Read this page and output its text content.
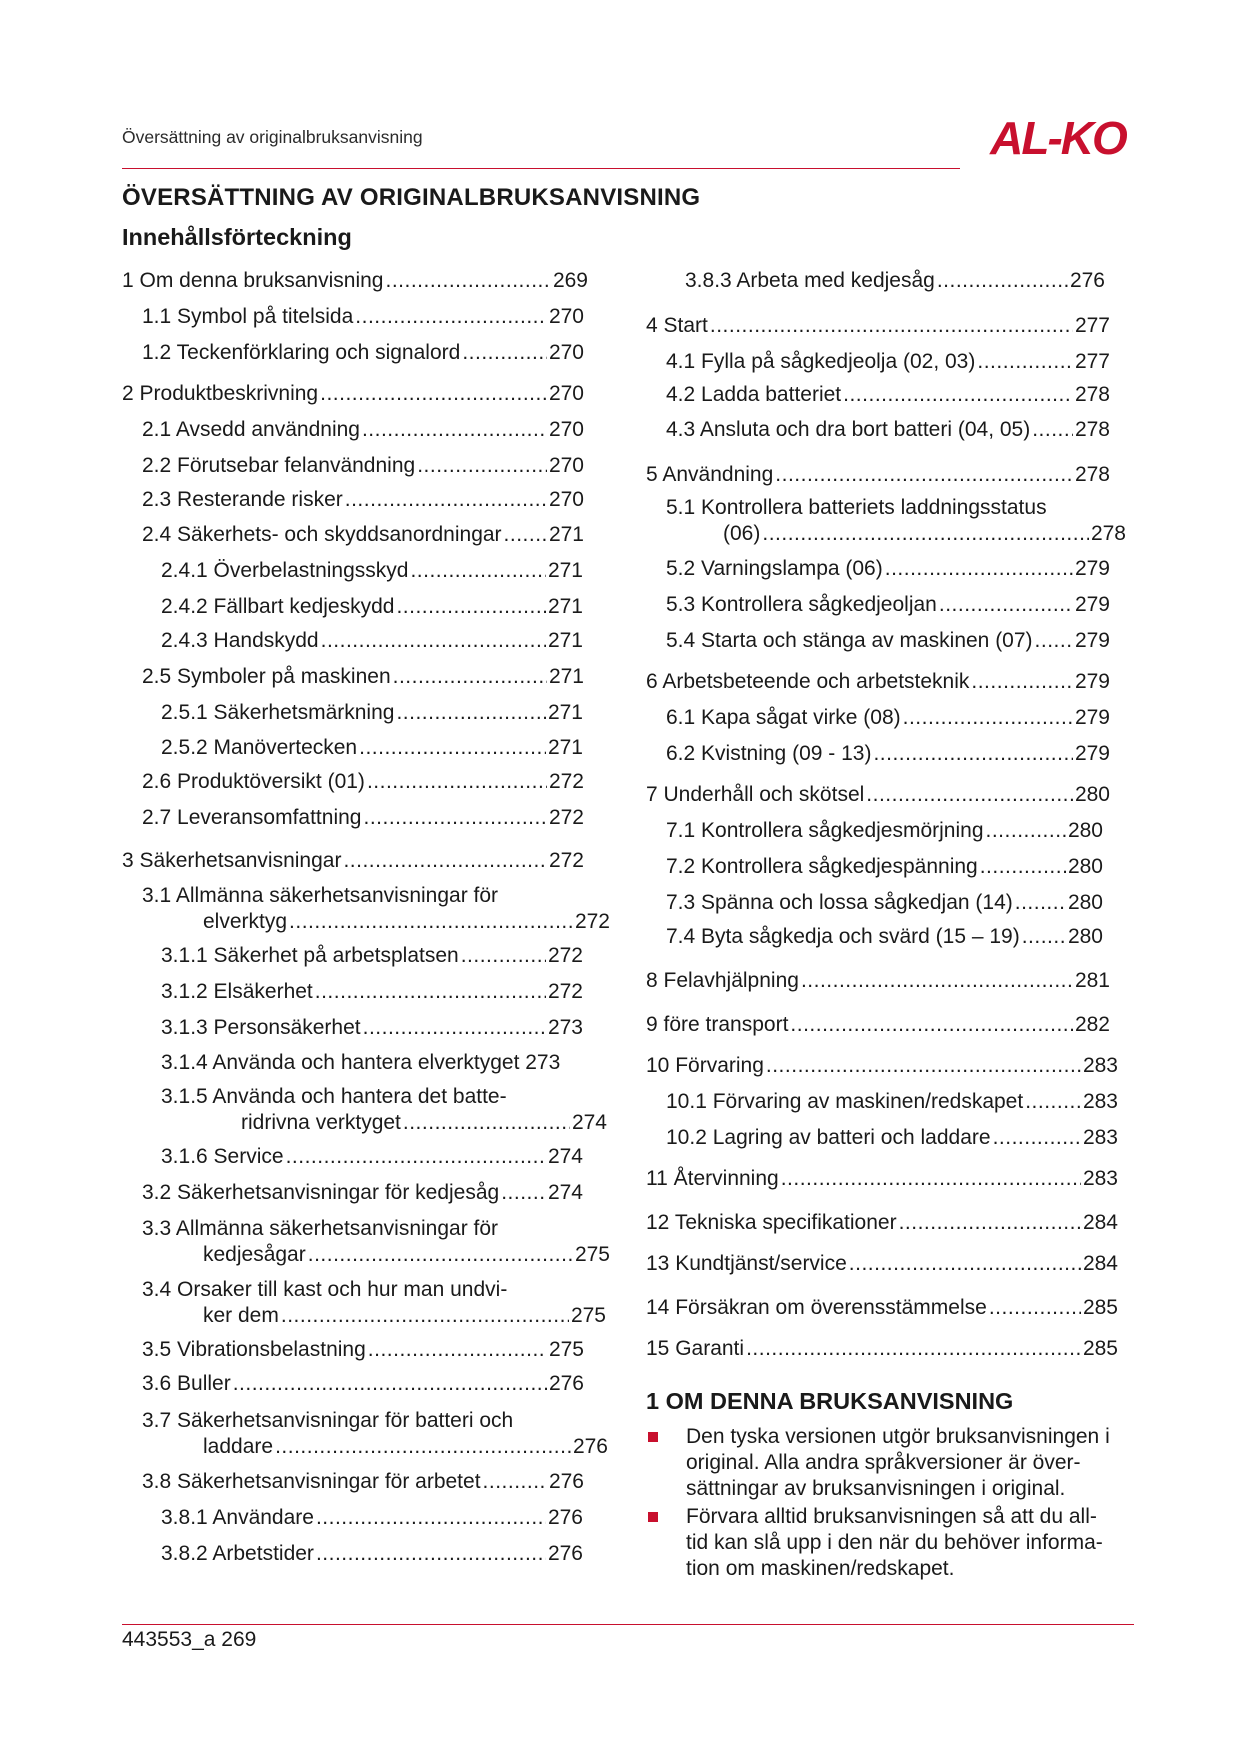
Översättning av originalbruksanvisning	AL-KO
ÖVERSÄTTNING AV ORIGINALBRUKSANVISNING
Innehållsförteckning
1 Om denna bruksanvisning .....	269
1.1 Symbol på titelsida .....	270
1.2 Teckenförklaring och signalord .....	270
2 Produktbeskrivning .....	270
2.1 Avsedd användning .....	270
2.2 Förutsebar felanvändning .....	270
2.3 Resterande risker .....	270
2.4 Säkerhets- och skyddsanordningar ..... 271
2.4.1 Överbelastningsskyd .....	271
2.4.2 Fällbart kedjeskydd .....	271
2.4.3 Handskydd .....	271
2.5 Symboler på maskinen .....	271
2.5.1 Säkerhetsmärkning .....	271
2.5.2 Manövertecken .....	271
2.6 Produktöversikt (01) .....	272
2.7 Leveransomfattning .....	272
3 Säkerhetsanvisningar .....	272
3.1 Allmänna säkerhetsanvisningar för
elverktyg .....	272
3.1.1 Säkerhet på arbetsplatsen .....	272
3.1.2 Elsäkerhet .....	272
3.1.3 Personsäkerhet .....	273
3.1.4 Använda och hantera elverktyget 273
3.1.5 Använda och hantera det batte-
ridrivna verktyget .....	274
3.1.6 Service .....	274
3.2 Säkerhetsanvisningar för kedjesåg ..... 274
3.3 Allmänna säkerhetsanvisningar för
kedjesågar .....	275
3.4 Orsaker till kast och hur man undvi-
ker dem .....	275
3.5 Vibrationsbelastning .....	275
3.6 Buller .....	276
3.7 Säkerhetsanvisningar för batteri och
laddare .....	276
3.8 Säkerhetsanvisningar för arbetet .....	276
3.8.1 Användare .....	276
3.8.2 Arbetstider .....	276
3.8.3 Arbeta med kedjesåg .....	276
4 Start .....	277
4.1 Fylla på sågkedjeolja (02, 03) .....	277
4.2 Ladda batteriet .....	278
4.3 Ansluta och dra bort batteri (04, 05) ..... 278
5 Användning .....	278
5.1 Kontrollera batteriets laddningsstatus
(06) .....	278
5.2 Varningslampa (06) .....	279
5.3 Kontrollera sågkedjeoljan .....	279
5.4 Starta och stänga av maskinen (07) ..... 279
6 Arbetsbeteende och arbetsteknik .....	279
6.1 Kapa sågat virke (08) .....	279
6.2 Kvistning (09 - 13) .....	279
7 Underhåll och skötsel .....	280
7.1 Kontrollera sågkedjesmörjning .....	280
7.2 Kontrollera sågkedjespänning .....	280
7.3 Spänna och lossa sågkedjan (14) .....	280
7.4 Byta sågkedja och svärd (15 – 19) ..... 280
8 Felavhjälpning .....	281
9 före transport .....	282
10 Förvaring .....	283
10.1 Förvaring av maskinen/redskapet .....	283
10.2 Lagring av batteri och laddare .....	283
11 Återvinning .....	283
12 Tekniska specifikationer .....	284
13 Kundtjänst/service .....	284
14 Försäkran om överensstämmelse .....	285
15 Garanti .....	285
1 OM DENNA BRUKSANVISNING
Den tyska versionen utgör bruksanvisningen i
original. Alla andra språkversioner är över-
sättningar av bruksanvisningen i original.
Förvara alltid bruksanvisningen så att du all-
tid kan slå upp i den när du behöver informa-
tion om maskinen/redskapet.
443553_a 269
